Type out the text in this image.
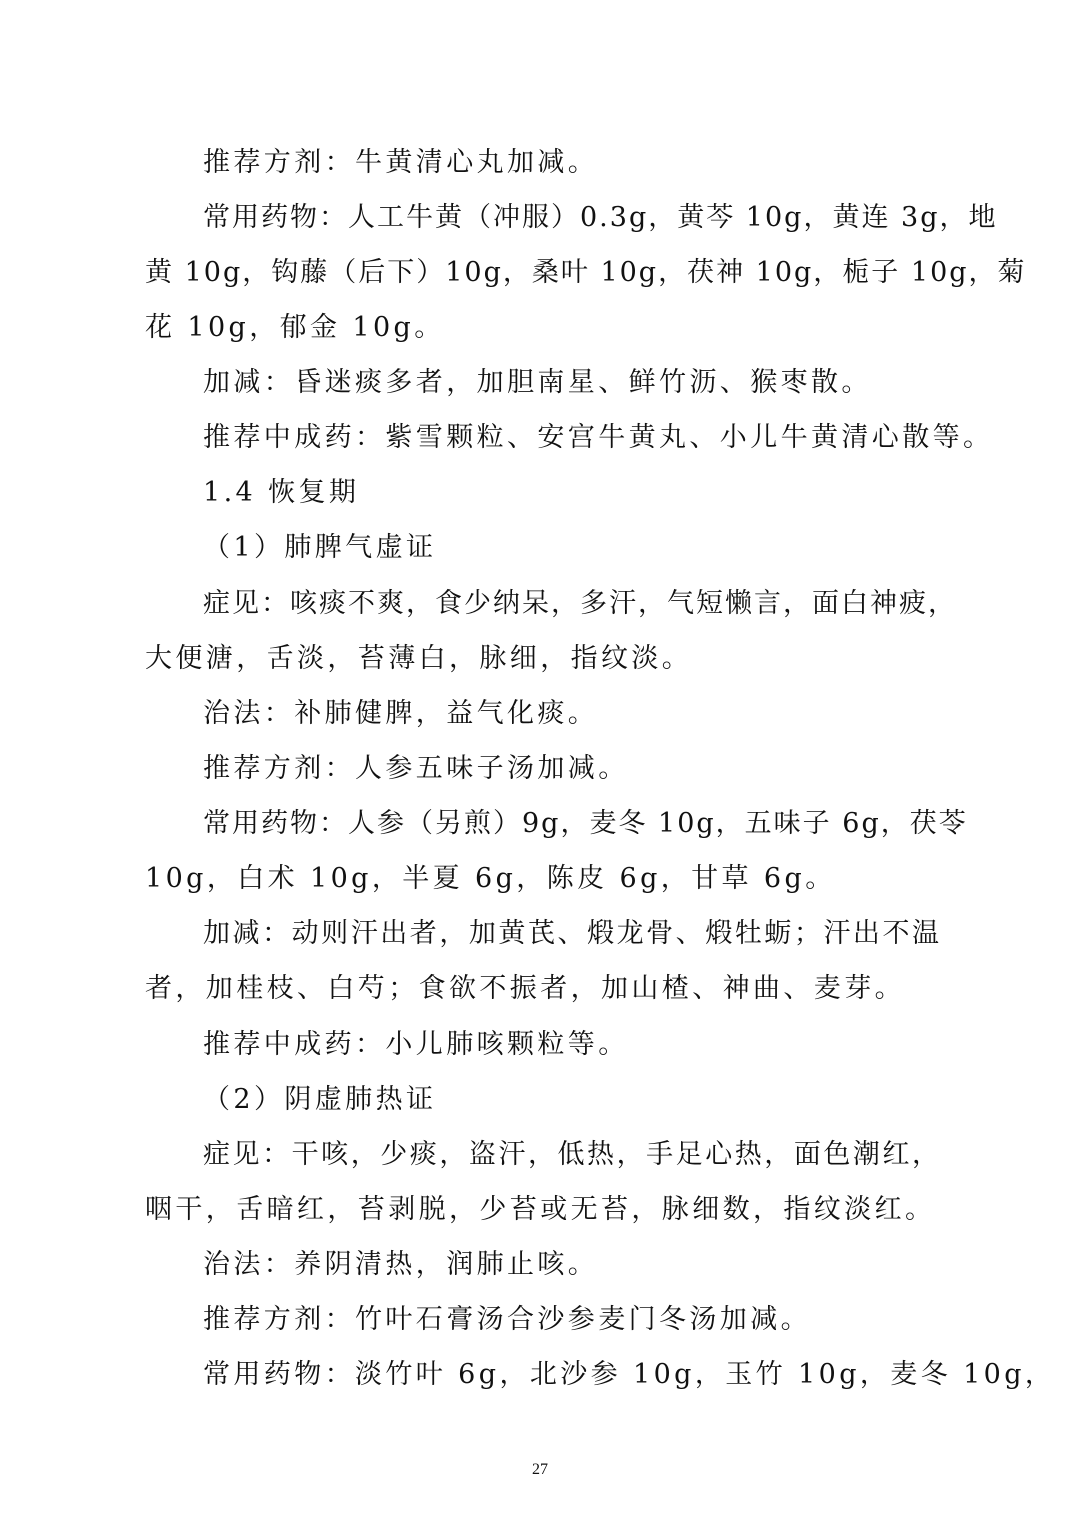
推荐方剂：牛黄清心丸加减。
常用药物：人工牛黄（冲服）0.3g，黄芩 10g，黄连 3g，地
黄 10g，钩藤（后下）10g，桑叶 10g，茯神 10g，栀子 10g，菊
花 10g，郁金 10g。
加减：昏迷痰多者，加胆南星、鲜竹沥、猴枣散。
推荐中成药：紫雪颗粒、安宫牛黄丸、小儿牛黄清心散等。
1.4 恢复期
（1）肺脾气虚证
症见：咳痰不爽，食少纳呆，多汗，气短懒言，面白神疲，
大便溏，舌淡，苔薄白，脉细，指纹淡。
治法：补肺健脾，益气化痰。
推荐方剂：人参五味子汤加减。
常用药物：人参（另煎）9g，麦冬 10g，五味子 6g，茯苓
10g，白术 10g，半夏 6g，陈皮 6g，甘草 6g。
加减：动则汗出者，加黄芪、煅龙骨、煅牡蛎；汗出不温
者，加桂枝、白芍；食欲不振者，加山楂、神曲、麦芽。
推荐中成药：小儿肺咳颗粒等。
（2）阴虚肺热证
症见：干咳，少痰，盗汗，低热，手足心热，面色潮红，
咽干，舌暗红，苔剥脱，少苔或无苔，脉细数，指纹淡红。
治法：养阴清热，润肺止咳。
推荐方剂：竹叶石膏汤合沙参麦门冬汤加减。
常用药物：淡竹叶 6g，北沙参 10g，玉竹 10g，麦冬 10g，
27
